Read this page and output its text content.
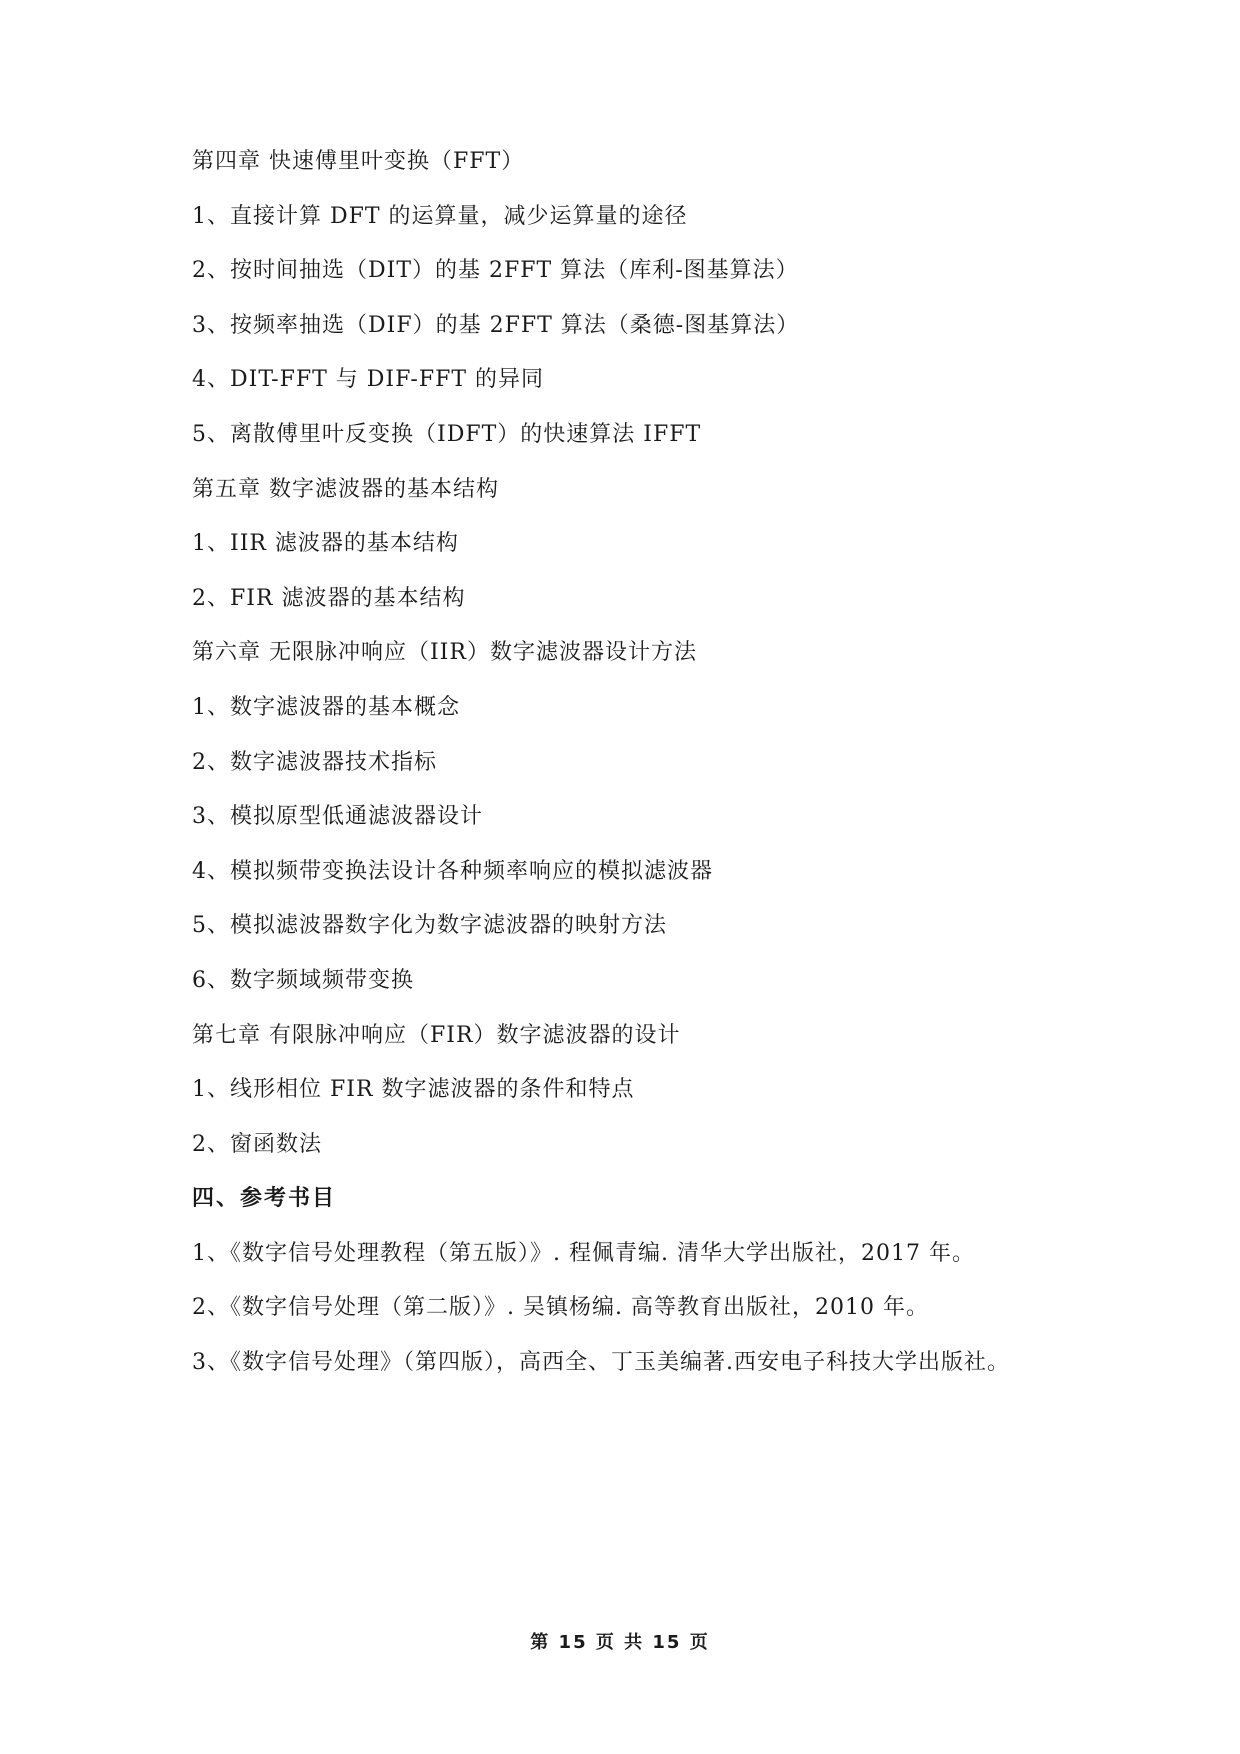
第四章 快速傅里叶变换（FFT）
1、直接计算 DFT 的运算量，减少运算量的途径
2、按时间抽选（DIT）的基 2FFT 算法（库利-图基算法）
3、按频率抽选（DIF）的基 2FFT 算法（桑德-图基算法）
4、DIT-FFT 与 DIF-FFT 的异同
5、离散傅里叶反变换（IDFT）的快速算法 IFFT
第五章 数字滤波器的基本结构
1、IIR 滤波器的基本结构
2、FIR 滤波器的基本结构
第六章 无限脉冲响应（IIR）数字滤波器设计方法
1、数字滤波器的基本概念
2、数字滤波器技术指标
3、模拟原型低通滤波器设计
4、模拟频带变换法设计各种频率响应的模拟滤波器
5、模拟滤波器数字化为数字滤波器的映射方法
6、数字频域频带变换
第七章 有限脉冲响应（FIR）数字滤波器的设计
1、线形相位 FIR 数字滤波器的条件和特点
2、窗函数法
四、参考书目
1、《数字信号处理教程（第五版）》. 程佩青编. 清华大学出版社，2017 年。
2、《数字信号处理（第二版）》. 吴镇杨编. 高等教育出版社，2010 年。
3、《数字信号处理》（第四版），高西全、丁玉美编著.西安电子科技大学出版社。
第 15 页 共 15 页
